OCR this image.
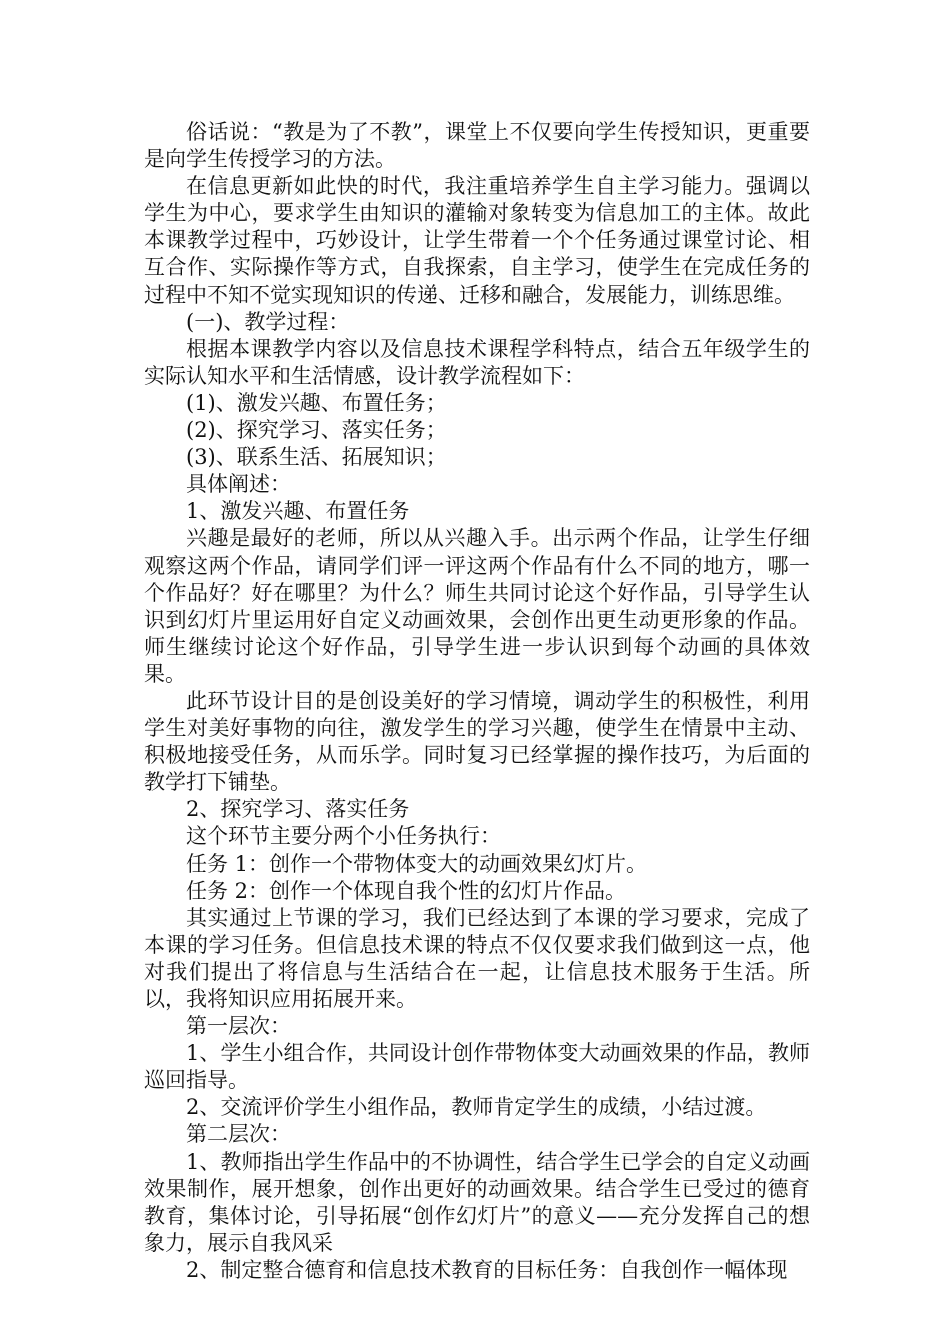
俗话说：“教是为了不教”，课堂上不仅要向学生传授知识，更重要是向学生传授学习的方法。

在信息更新如此快的时代，我注重培养学生自主学习能力。强调以学生为中心，要求学生由知识的灌输对象转变为信息加工的主体。故此本课教学过程中，巧妙设计，让学生带着一个个任务通过课堂讨论、相互合作、实际操作等方式，自我探索，自主学习，使学生在完成任务的过程中不知不觉实现知识的传递、迁移和融合，发展能力，训练思维。

(一)、教学过程：

根据本课教学内容以及信息技术课程学科特点，结合五年级学生的实际认知水平和生活情感，设计教学流程如下：

(1)、激发兴趣、布置任务；

(2)、探究学习、落实任务；

(3)、联系生活、拓展知识；

具体阐述：

1、激发兴趣、布置任务

兴趣是最好的老师，所以从兴趣入手。出示两个作品，让学生仔细观察这两个作品，请同学们评一评这两个作品有什么不同的地方，哪一个作品好？好在哪里？为什么？师生共同讨论这个好作品，引导学生认识到幻灯片里运用好自定义动画效果，会创作出更生动更形象的作品。师生继续讨论这个好作品，引导学生进一步认识到每个动画的具体效果。

此环节设计目的是创设美好的学习情境，调动学生的积极性，利用学生对美好事物的向往，激发学生的学习兴趣，使学生在情景中主动、积极地接受任务，从而乐学。同时复习已经掌握的操作技巧，为后面的教学打下铺垫。

2、探究学习、落实任务

这个环节主要分两个小任务执行：

任务 1：创作一个带物体变大的动画效果幻灯片。

任务 2：创作一个体现自我个性的幻灯片作品。

其实通过上节课的学习，我们已经达到了本课的学习要求，完成了本课的学习任务。但信息技术课的特点不仅仅要求我们做到这一点，他对我们提出了将信息与生活结合在一起，让信息技术服务于生活。所以，我将知识应用拓展开来。

第一层次：

1、学生小组合作，共同设计创作带物体变大动画效果的作品，教师巡回指导。

2、交流评价学生小组作品，教师肯定学生的成绩，小结过渡。

第二层次：

1、教师指出学生作品中的不协调性，结合学生已学会的自定义动画效果制作，展开想象，创作出更好的动画效果。结合学生已受过的德育教育，集体讨论，引导拓展“创作幻灯片”的意义——充分发挥自己的想象力，展示自我风采

2、制定整合德育和信息技术教育的目标任务：自我创作一幅体现
